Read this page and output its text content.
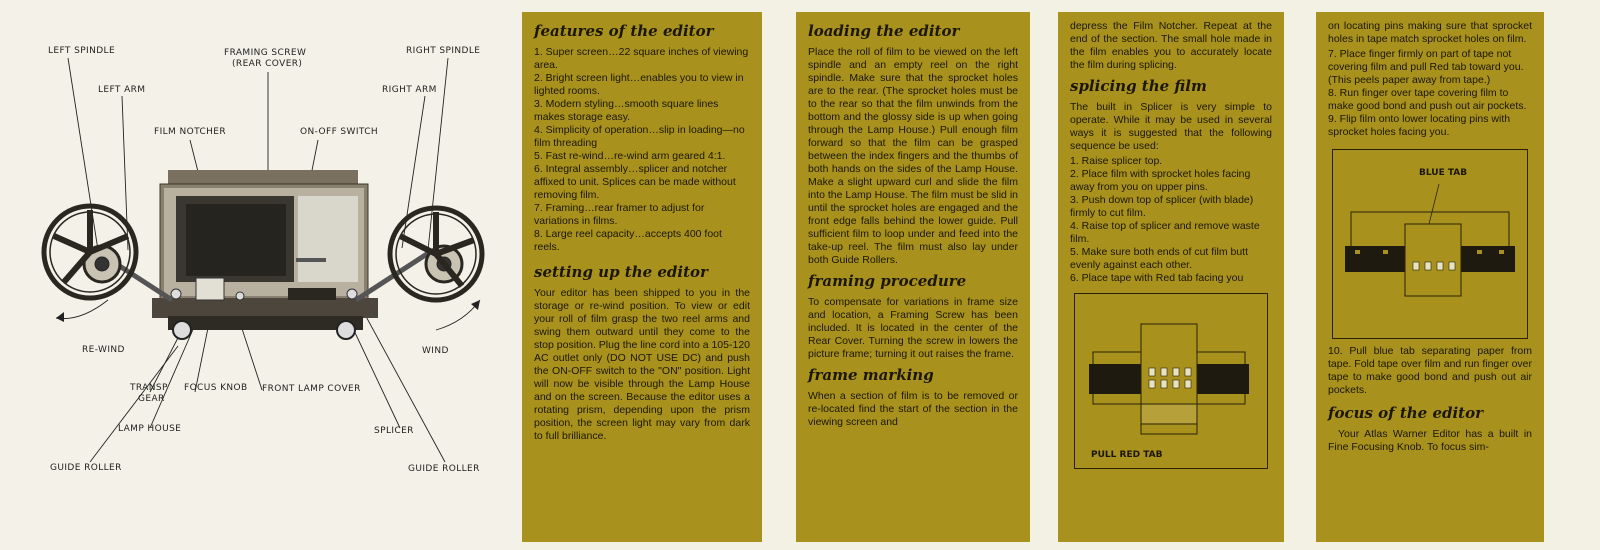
LEFT SPINDLE	FRAMING SCREW
(REAR COVER)
RIGHT SPINDLE
LEFT ARM	RIGHT ARM
FILM NOTCHER	ON-OFF SWITCH
RE-WIND	WIND
TRANSP
GEAR
FOCUS KNOB FRONT LAMP COVER
LAMP HOUSE	SPLICER
GUIDE ROLLER	GUIDE ROLLER
features of the editor
1. Super screen…22 square inches of viewing area.
2. Bright screen light…enables you to view in lighted rooms.
3. Modern styling…smooth square lines makes storage easy.
4. Simplicity of operation…slip in loading—no film threading
5. Fast re-wind…re-wind arm geared 4:1.
6. Integral assembly…splicer and notcher affixed to unit. Splices can be made without removing film.
7. Framing…rear framer to adjust for variations in films.
8. Large reel capacity…accepts 400 foot reels.
setting up the editor

Your editor has been shipped to you in the storage or re-wind position. To view or edit your roll of film grasp the two reel arms and swing them outward until they come to the stop position. Plug the line cord into a 105-120 AC outlet only (DO NOT USE DC) and push the ON-OFF switch to the "ON" position. Light will now be visible through the Lamp House and on the screen. Because the editor uses a rotating prism, depending upon the prism position, the screen light may vary from dark to full brilliance.

loading the editor

Place the roll of film to be viewed on the left spindle and an empty reel on the right spindle. Make sure that the sprocket holes are to the rear. (The sprocket holes must be to the rear so that the film unwinds from the bottom and the glossy side is up when going through the Lamp House.) Pull enough film forward so that the film can be grasped between the index fingers and the thumbs of both hands on the sides of the Lamp House. Make a slight upward curl and slide the film into the Lamp House. The film must be slid in until the sprocket holes are engaged and the front edge falls behind the lower guide. Pull sufficient film to loop under and feed into the take-up reel. The film must also lay under both Guide Rollers.

framing procedure

To compensate for variations in frame size and location, a Framing Screw has been included. It is located in the center of the Rear Cover. Turning the screw in lowers the picture frame; turning it out raises the frame.

frame marking

When a section of film is to be removed or re-located find the start of the section in the viewing screen and

depress the Film Notcher. Repeat at the end of the section. The small hole made in the film enables you to accurately locate the film during splicing.

splicing the film

The built in Splicer is very simple to operate. While it may be used in several ways it is suggested that the following sequence be used:

1. Raise splicer top.
2. Place film with sprocket holes facing away from you on upper pins.
3. Push down top of splicer (with blade) firmly to cut film.
4. Raise top of splicer and remove waste film.
5. Make sure both ends of cut film butt evenly against each other.
6. Place tape with Red tab facing you
PULL RED TAB

on locating pins making sure that sprocket holes in tape match sprocket holes on film.

7. Place finger firmly on part of tape not covering film and pull Red tab toward you. (This peels paper away from tape.)
8. Run finger over tape covering film to make good bond and push out air pockets.
9. Flip film onto lower locating pins with sprocket holes facing you.
BLUE TAB

10. Pull blue tab separating paper from tape. Fold tape over film and run finger over tape to make good bond and push out air pockets.

focus of the editor

Your Atlas Warner Editor has a built in Fine Focusing Knob. To focus sim-
